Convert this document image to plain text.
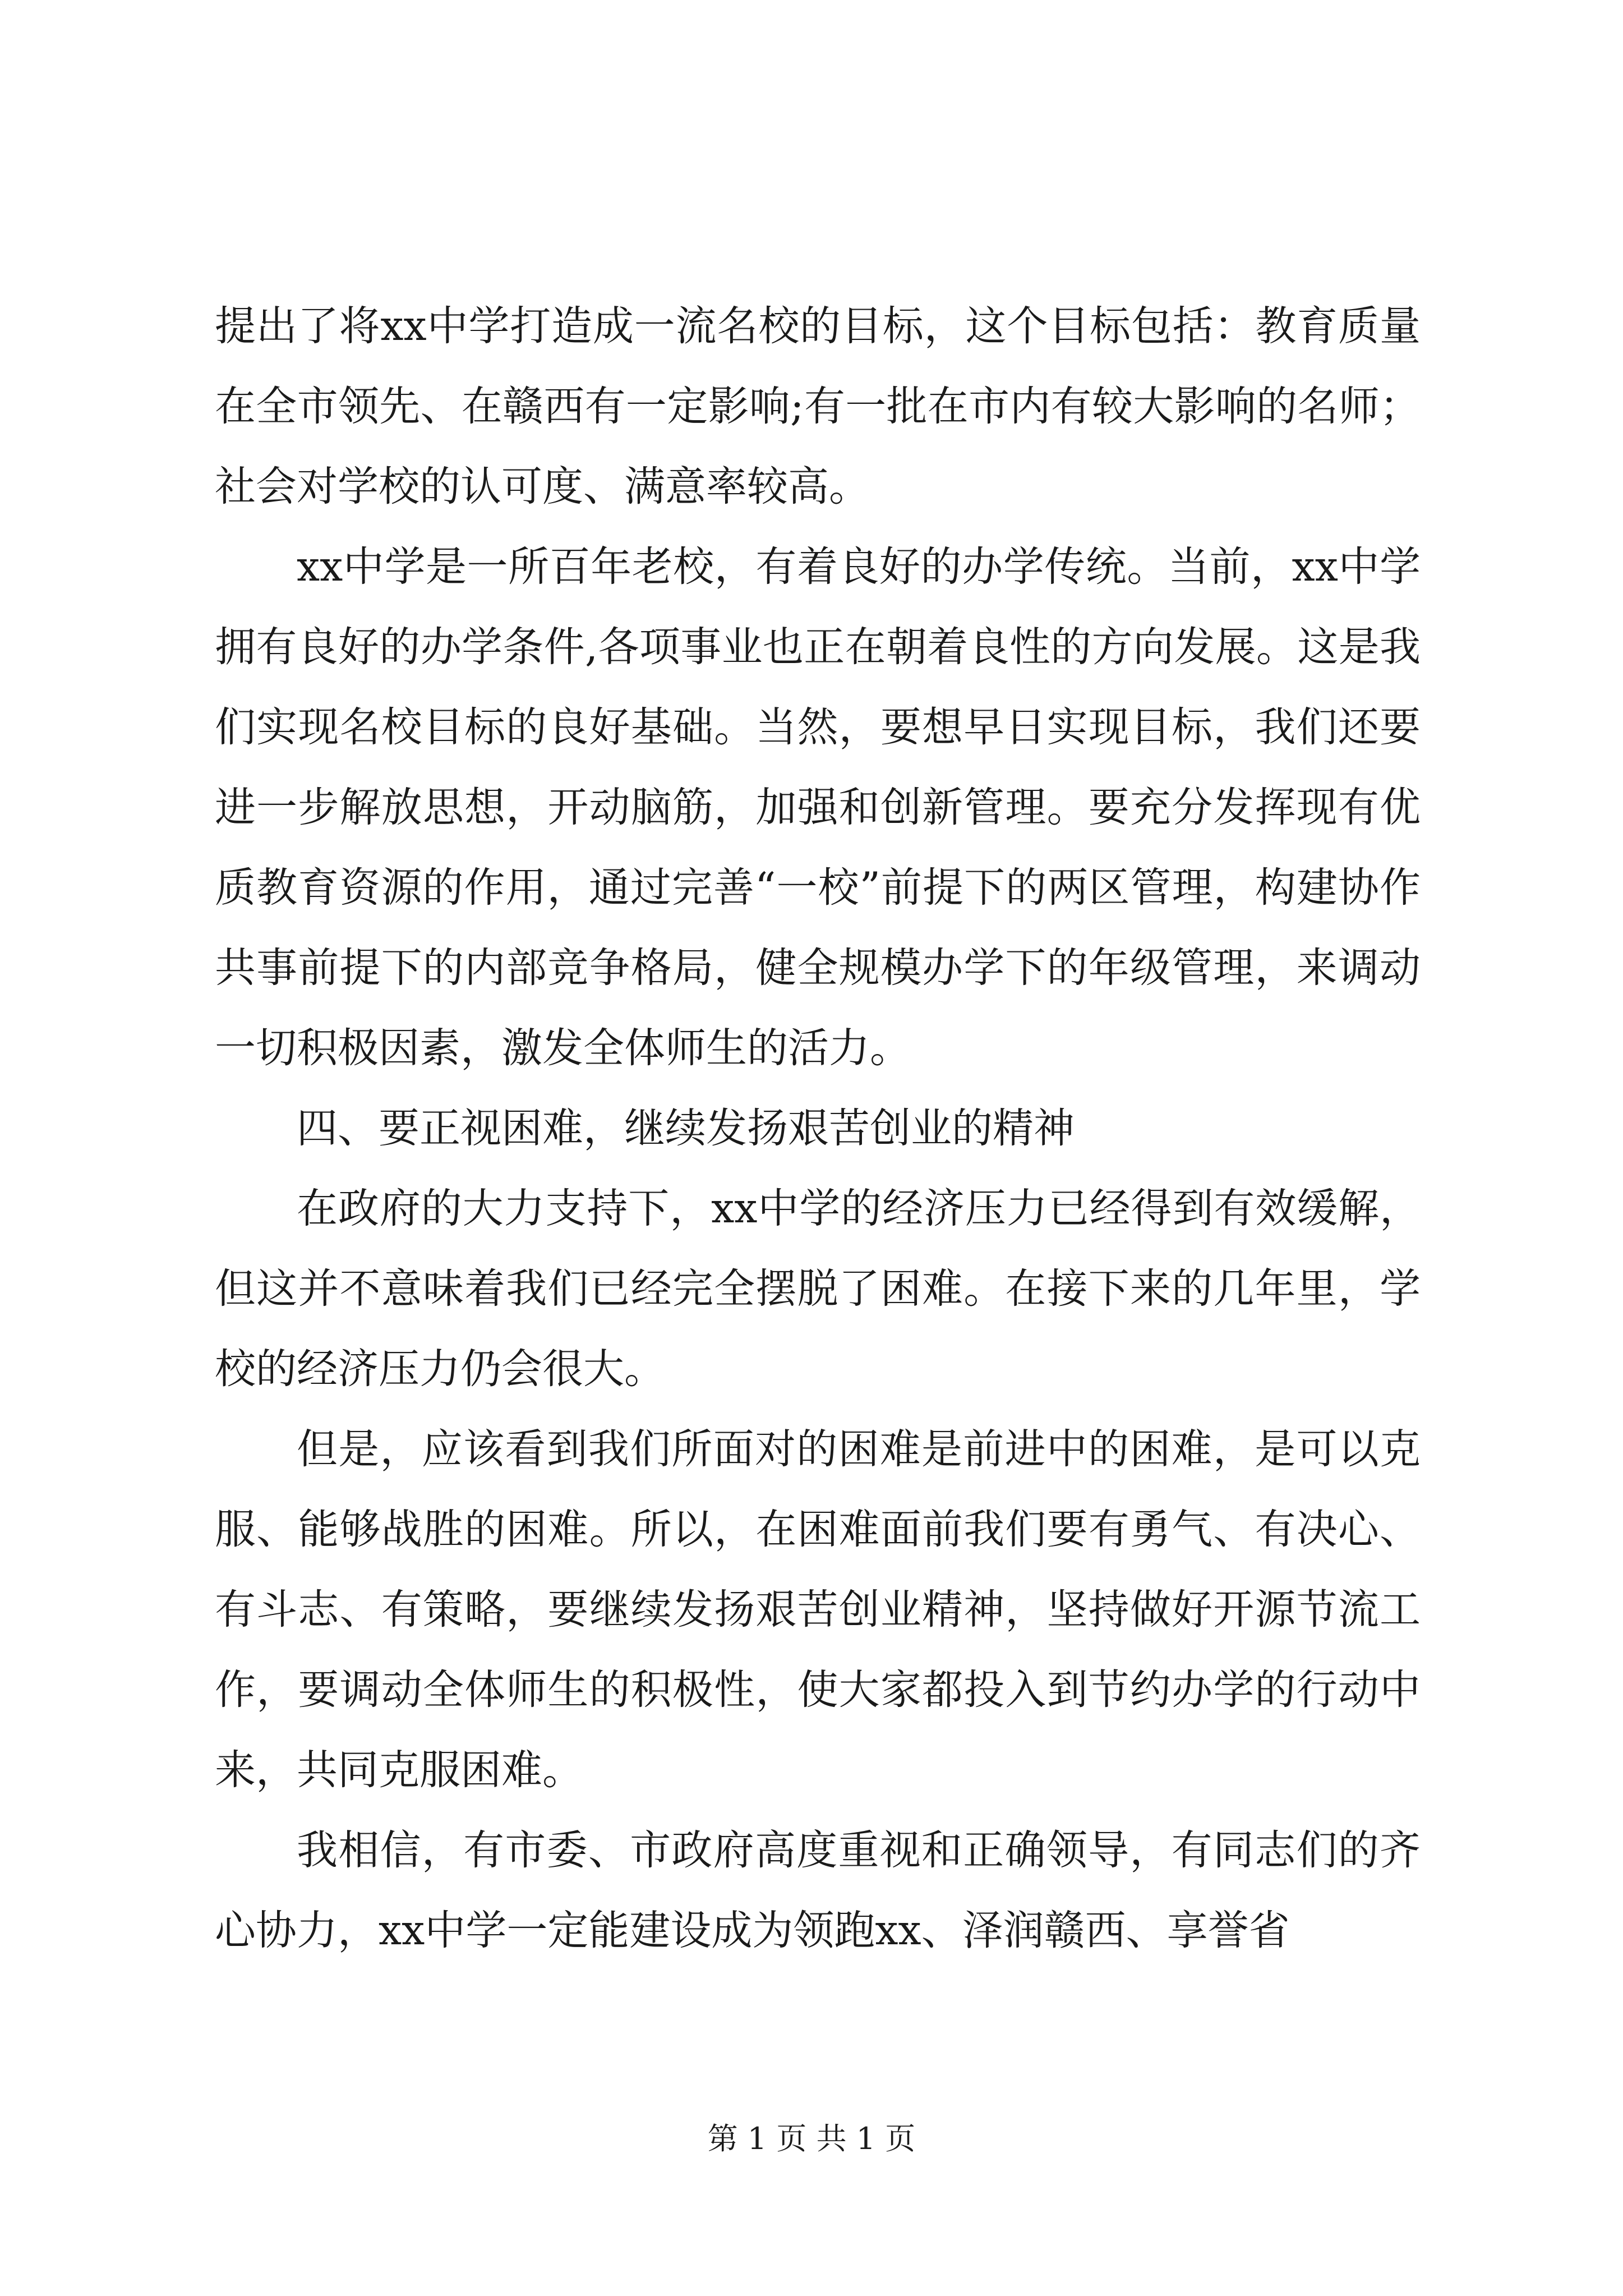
提出了将xx中学打造成一流名校的目标，这个目标包括：教育质量在全市领先、在赣西有一定影响;有一批在市内有较大影响的名师；社会对学校的认可度、满意率较高。

xx中学是一所百年老校，有着良好的办学传统。当前，xx中学拥有良好的办学条件,各项事业也正在朝着良性的方向发展。这是我们实现名校目标的良好基础。当然，要想早日实现目标，我们还要进一步解放思想，开动脑筋，加强和创新管理。要充分发挥现有优质教育资源的作用，通过完善“一校”前提下的两区管理，构建协作共事前提下的内部竞争格局，健全规模办学下的年级管理，来调动一切积极因素，激发全体师生的活力。

四、要正视困难，继续发扬艰苦创业的精神

在政府的大力支持下，xx中学的经济压力已经得到有效缓解，但这并不意味着我们已经完全摆脱了困难。在接下来的几年里，学校的经济压力仍会很大。

但是，应该看到我们所面对的困难是前进中的困难，是可以克服、能够战胜的困难。所以，在困难面前我们要有勇气、有决心、有斗志、有策略，要继续发扬艰苦创业精神，坚持做好开源节流工作，要调动全体师生的积极性，使大家都投入到节约办学的行动中来，共同克服困难。

我相信，有市委、市政府高度重视和正确领导，有同志们的齐心协力，xx中学一定能建设成为领跑xx、泽润赣西、享誉省

第 1 页 共 1 页
